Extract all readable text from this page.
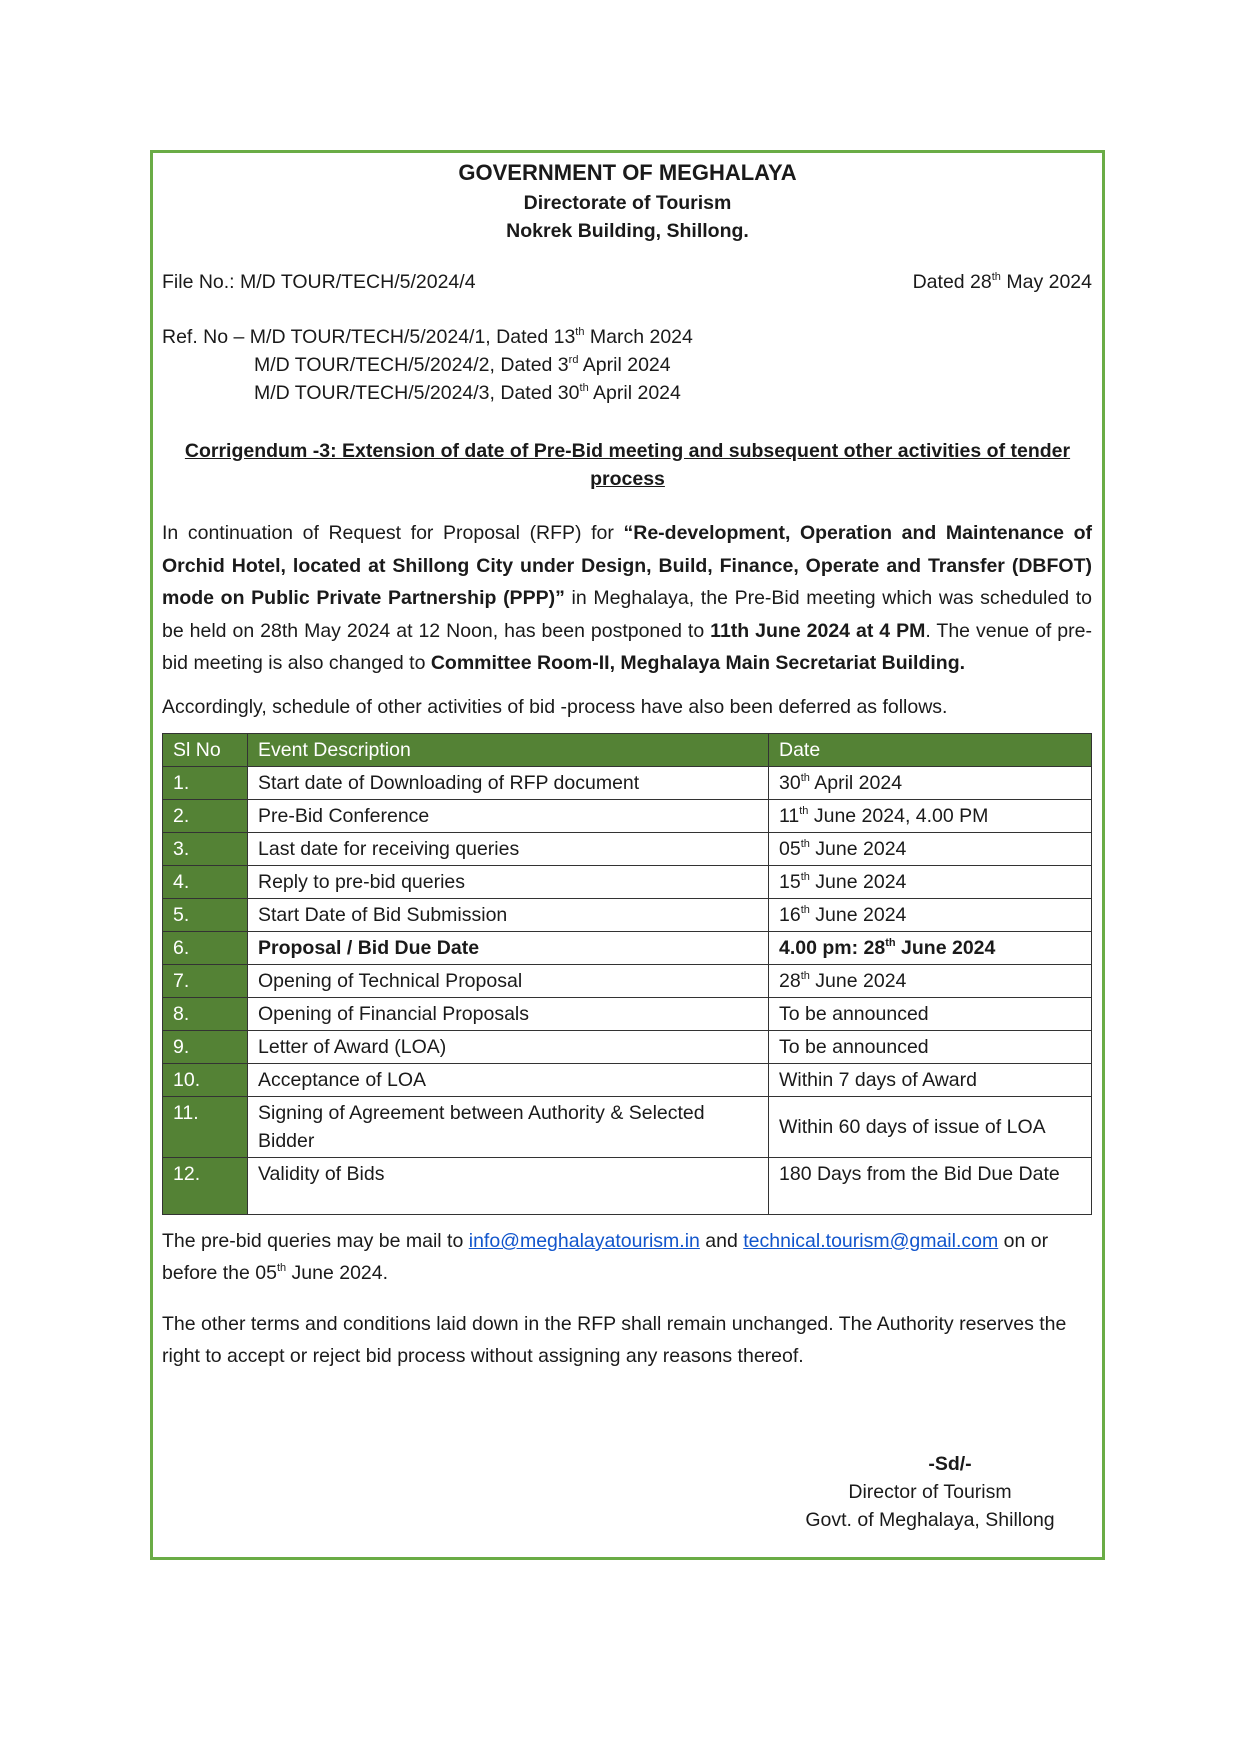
GOVERNMENT OF MEGHALAYA
Directorate of Tourism
Nokrek Building, Shillong.
File No.: M/D TOUR/TECH/5/2024/4	Dated 28th May 2024
Ref. No – M/D TOUR/TECH/5/2024/1, Dated 13th March 2024
M/D TOUR/TECH/5/2024/2, Dated 3rd April 2024
M/D TOUR/TECH/5/2024/3, Dated 30th April 2024
Corrigendum -3: Extension of date of Pre-Bid meeting and subsequent other activities of tender process
In continuation of Request for Proposal (RFP) for “Re-development, Operation and Maintenance of Orchid Hotel, located at Shillong City under Design, Build, Finance, Operate and Transfer (DBFOT) mode on Public Private Partnership (PPP)” in Meghalaya, the Pre-Bid meeting which was scheduled to be held on 28th May 2024 at 12 Noon, has been postponed to 11th June 2024 at 4 PM. The venue of pre-bid meeting is also changed to Committee Room-II, Meghalaya Main Secretariat Building.
Accordingly, schedule of other activities of bid -process have also been deferred as follows.
Sl No	Event Description	Date
1.	Start date of Downloading of RFP document	30th April 2024
2.	Pre-Bid Conference	11th June 2024, 4.00 PM
3.	Last date for receiving queries	05th June 2024
4.	Reply to pre-bid queries	15th June 2024
5.	Start Date of Bid Submission	16th June 2024
6.	Proposal / Bid Due Date	4.00 pm: 28th June 2024
7.	Opening of Technical Proposal	28th June 2024
8.	Opening of Financial Proposals	To be announced
9.	Letter of Award (LOA)	To be announced
10.	Acceptance of LOA	Within 7 days of Award
11.	Signing of Agreement between Authority & Selected Bidder	Within 60 days of issue of LOA
12.	Validity of Bids	180 Days from the Bid Due Date
The pre-bid queries may be mail to info@meghalayatourism.in and technical.tourism@gmail.com on or before the 05th June 2024.
The other terms and conditions laid down in the RFP shall remain unchanged. The Authority reserves the right to accept or reject bid process without assigning any reasons thereof.
-Sd/-
Director of Tourism
Govt. of Meghalaya, Shillong
